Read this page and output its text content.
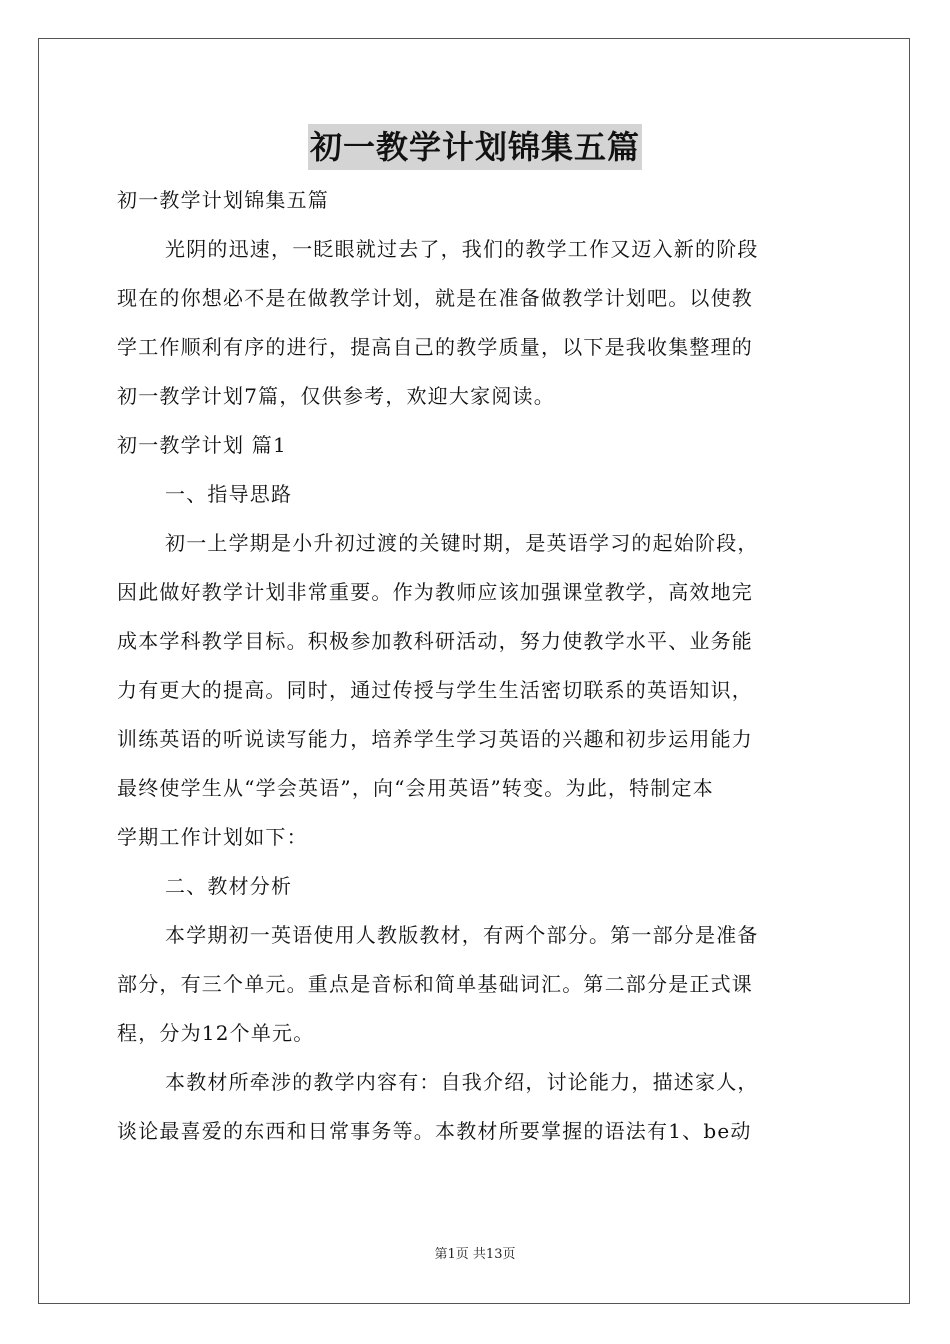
初一教学计划锦集五篇
初一教学计划锦集五篇
光阴的迅速，一眨眼就过去了，我们的教学工作又迈入新的阶段
现在的你想必不是在做教学计划，就是在准备做教学计划吧。以使教
学工作顺利有序的进行，提高自己的教学质量，以下是我收集整理的
初一教学计划7篇，仅供参考，欢迎大家阅读。
初一教学计划 篇1
一、指导思路
初一上学期是小升初过渡的关键时期，是英语学习的起始阶段，
因此做好教学计划非常重要。作为教师应该加强课堂教学，高效地完
成本学科教学目标。积极参加教科研活动，努力使教学水平、业务能
力有更大的提高。同时，通过传授与学生生活密切联系的英语知识，
训练英语的听说读写能力，培养学生学习英语的兴趣和初步运用能力
最终使学生从“学会英语”，向“会用英语”转变。为此，特制定本
学期工作计划如下：
二、教材分析
本学期初一英语使用人教版教材，有两个部分。第一部分是准备
部分，有三个单元。重点是音标和简单基础词汇。第二部分是正式课
程，分为12个单元。
本教材所牵涉的教学内容有：自我介绍，讨论能力，描述家人，
谈论最喜爱的东西和日常事务等。本教材所要掌握的语法有1、be动
第1页 共13页
